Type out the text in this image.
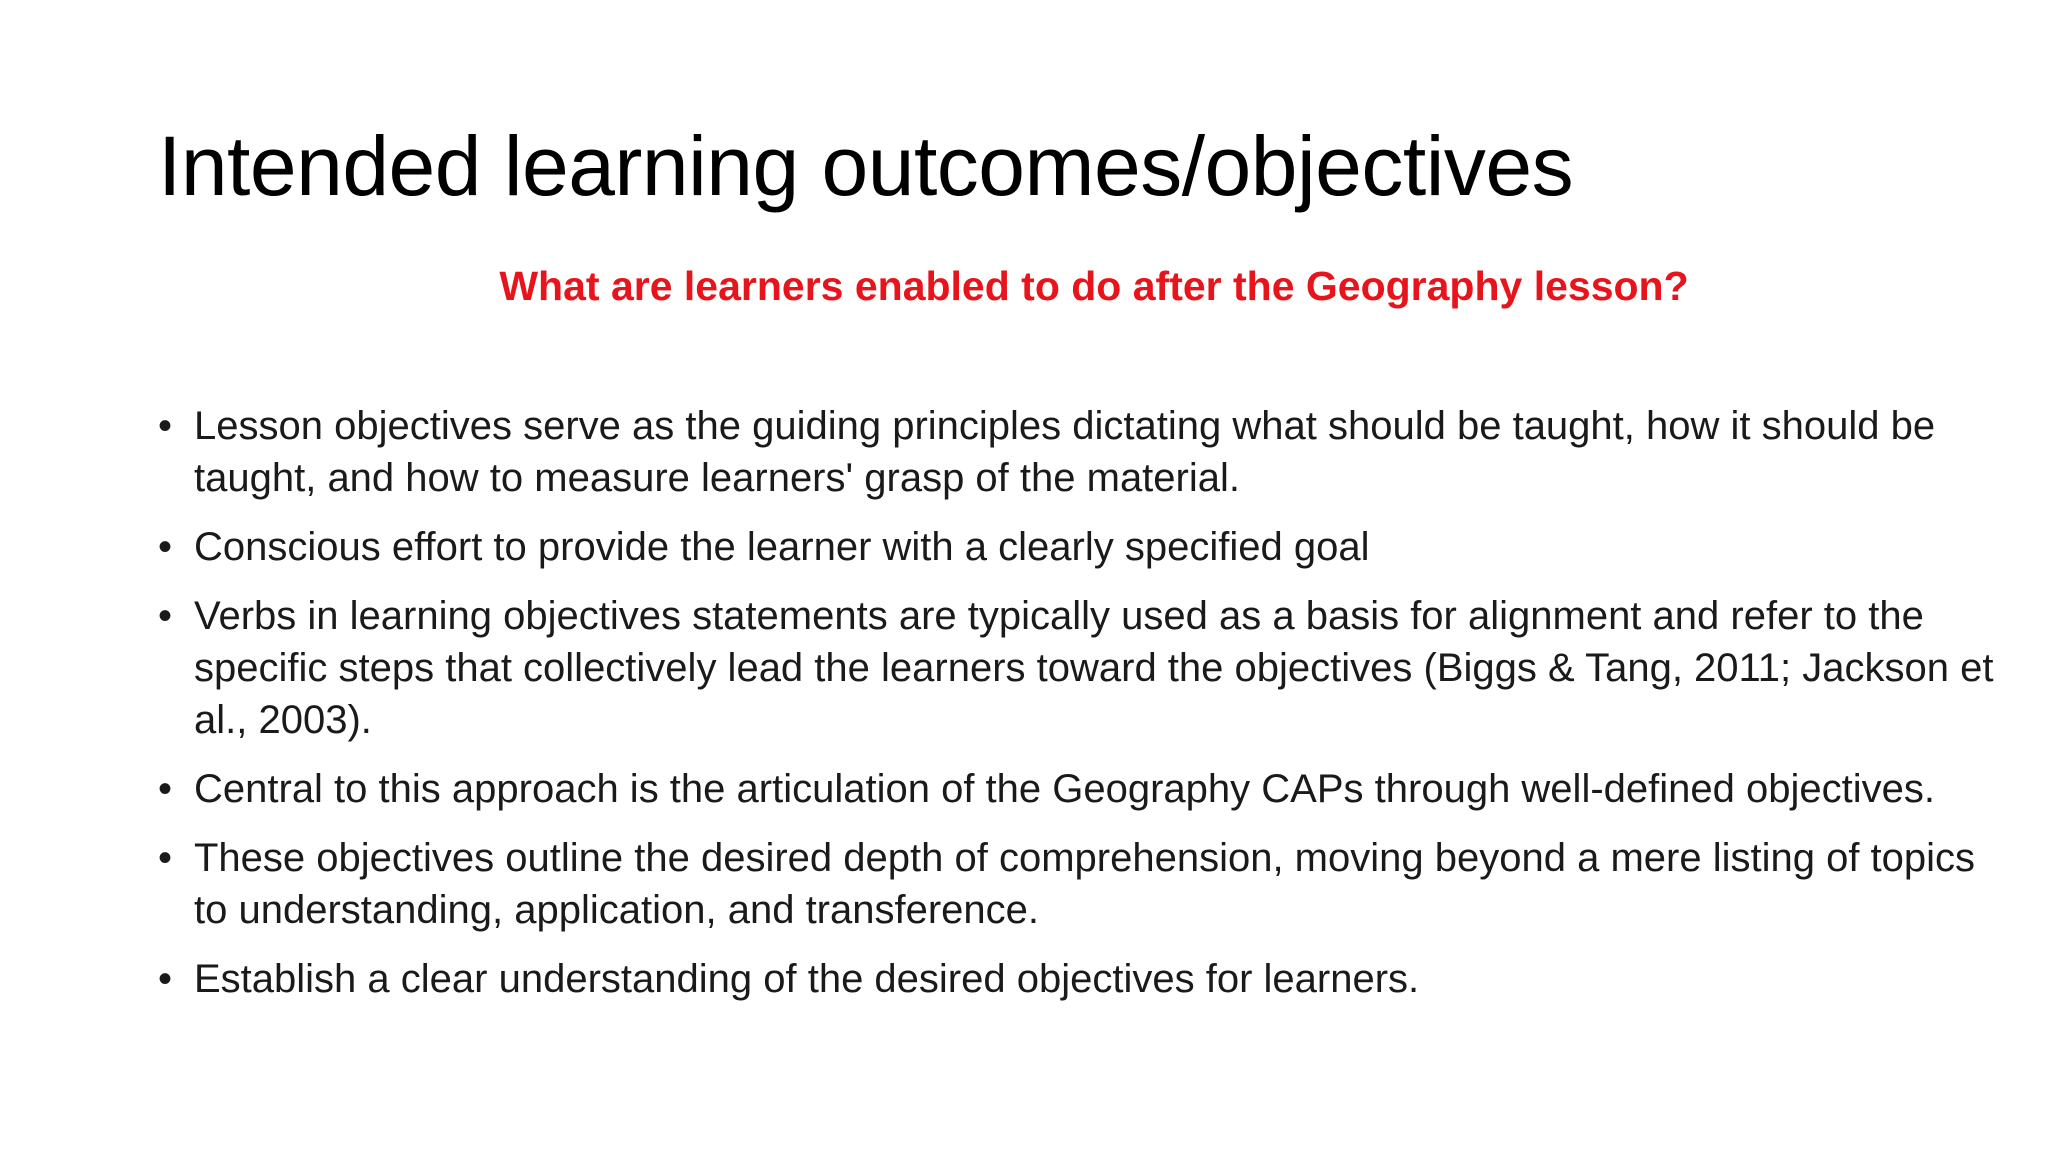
Intended learning outcomes/objectives

What are learners enabled to do after the Geography lesson?

• Lesson objectives serve as the guiding principles dictating what should be taught, how it should be taught, and how to measure learners' grasp of the material.
• Conscious effort to provide the learner with a clearly specified goal
• Verbs in learning objectives statements are typically used as a basis for alignment and refer to the specific steps that collectively lead the learners toward the objectives (Biggs & Tang, 2011; Jackson et al., 2003).
• Central to this approach is the articulation of the Geography CAPs through well-defined objectives.
• These objectives outline the desired depth of comprehension, moving beyond a mere listing of topics to understanding, application, and transference.
• Establish a clear understanding of the desired objectives for learners.
